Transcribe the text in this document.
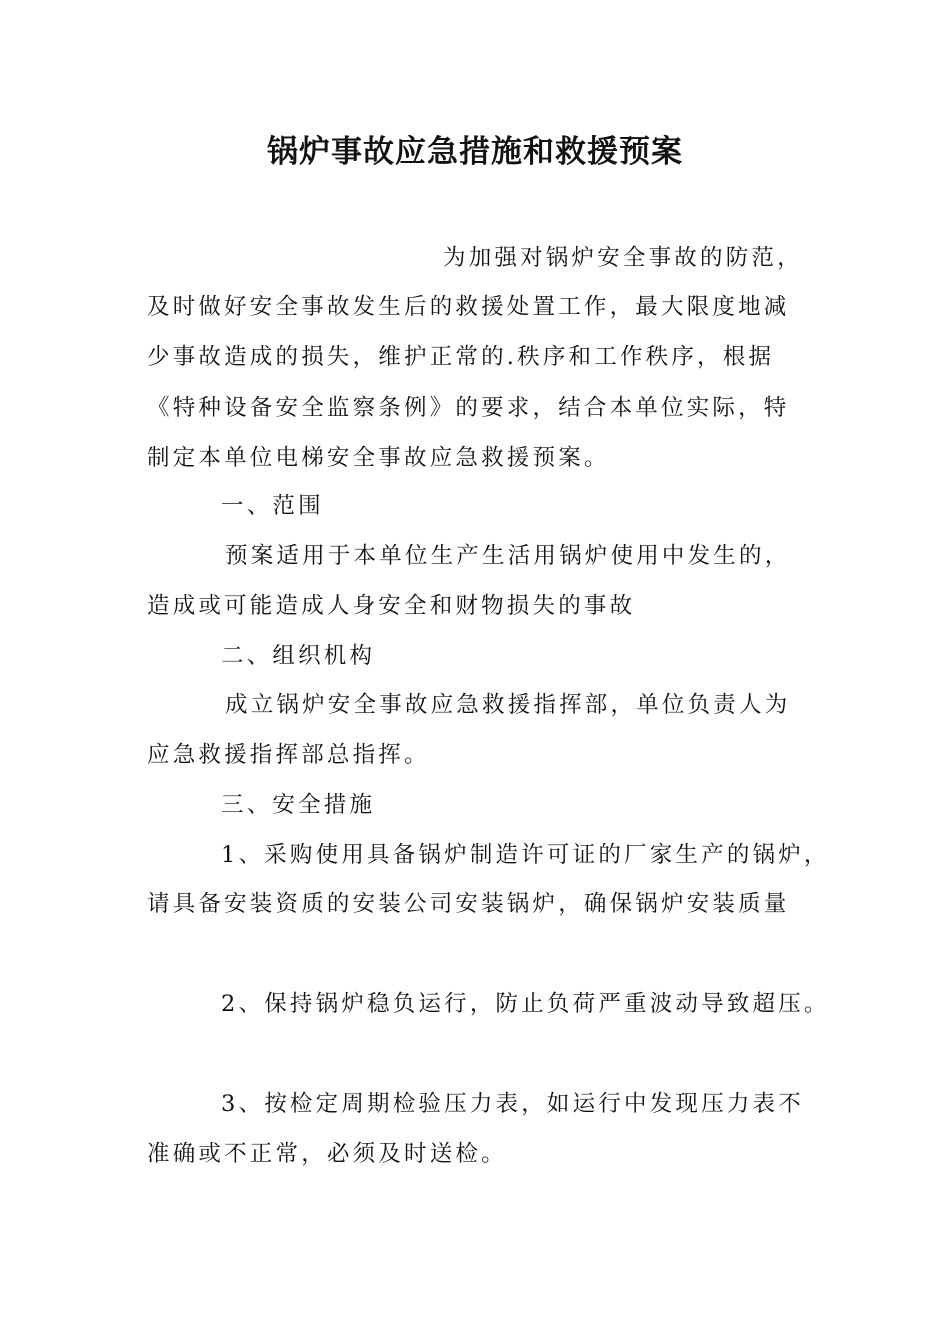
锅炉事故应急措施和救援预案

为加强对锅炉安全事故的防范，

及时做好安全事故发生后的救援处置工作，最大限度地减

少事故造成的损失，维护正常的.秩序和工作秩序，根据

《特种设备安全监察条例》的要求，结合本单位实际，特

制定本单位电梯安全事故应急救援预案。

一、范围

预案适用于本单位生产生活用锅炉使用中发生的，

造成或可能造成人身安全和财物损失的事故

二、组织机构

成立锅炉安全事故应急救援指挥部，单位负责人为

应急救援指挥部总指挥。

三、安全措施

1、采购使用具备锅炉制造许可证的厂家生产的锅炉，

请具备安装资质的安装公司安装锅炉，确保锅炉安装质量

2、保持锅炉稳负运行，防止负荷严重波动导致超压。

3、按检定周期检验压力表，如运行中发现压力表不

准确或不正常，必须及时送检。
